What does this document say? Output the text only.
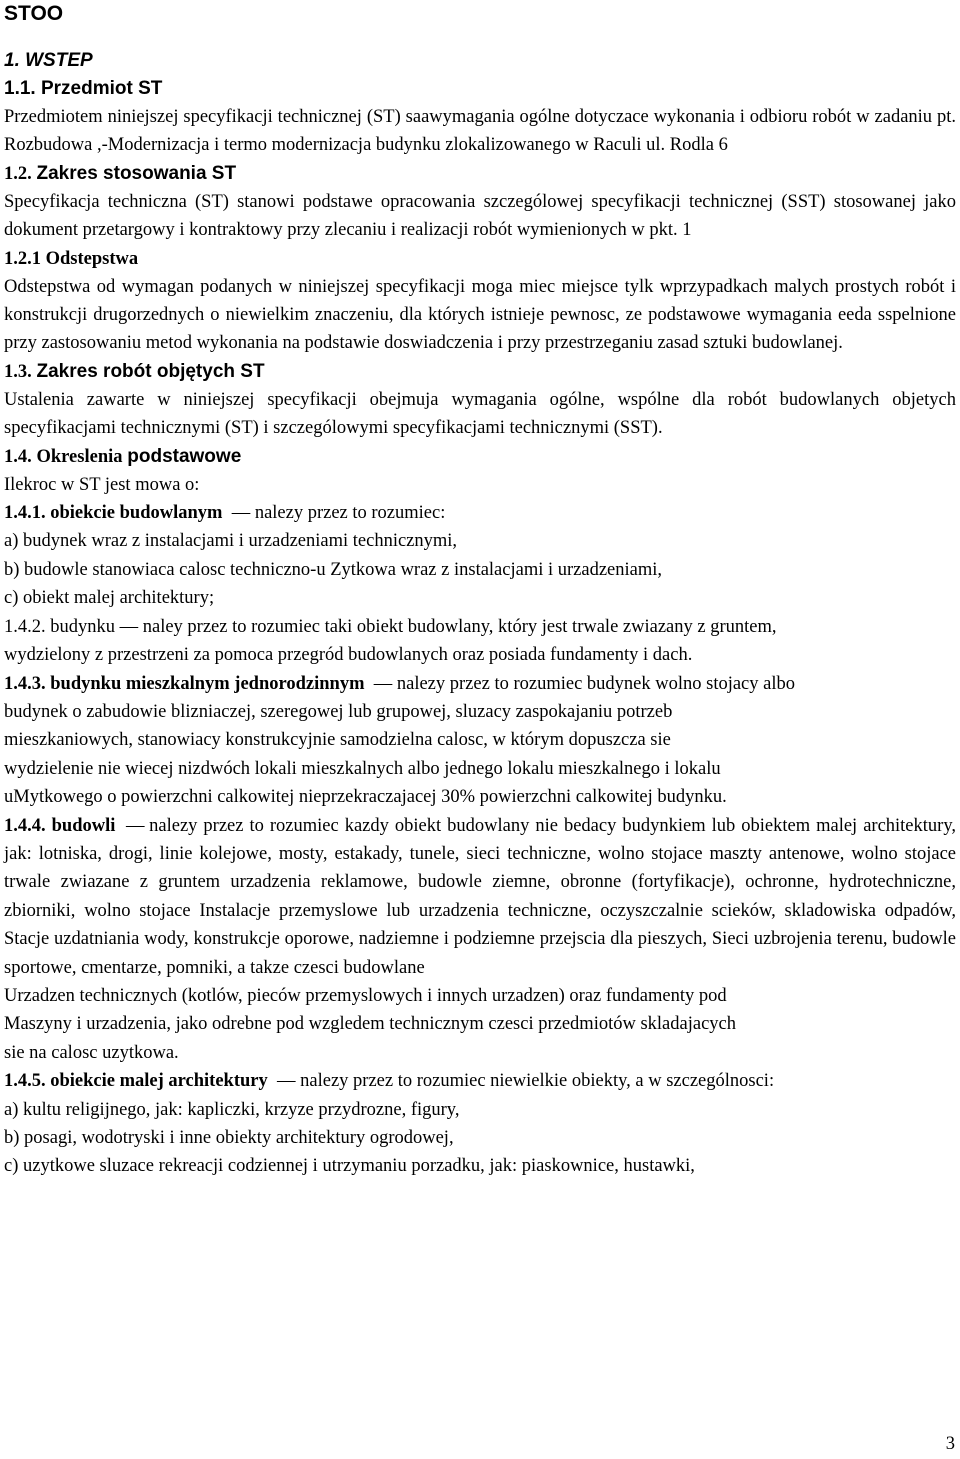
STOO
1. WSTEP
1.1. Przedmiot ST

Przedmiotem niniejszej specyfikacji technicznej (ST) saawymagania ogólne dotyczace wykonania i odbioru robót w zadaniu pt. Rozbudowa ,-Modernizacja i termo modernizacja budynku zlokalizowanego w Raculi ul. Rodla 6

1.2. Zakres stosowania ST

Specyfikacja techniczna (ST) stanowi podstawe opracowania szczególowej specyfikacji technicznej (SST) stosowanej jako dokument przetargowy i kontraktowy przy zlecaniu i realizacji robót wymienionych w pkt. 1

1.2.1 Odstepstwa

Odstepstwa od wymagan podanych w niniejszej specyfikacji moga miec miejsce tylk wprzypadkach malych prostych robót i konstrukcji drugorzednych o niewielkim znaczeniu, dla których istnieje pewnosc, ze podstawowe wymagania eeda sspelnione przy zastosowaniu metod wykonania na podstawie doswiadczenia i przy przestrzeganiu zasad sztuki budowlanej.

1.3. Zakres robót objętych ST

Ustalenia zawarte w niniejszej specyfikacji obejmuja wymagania ogólne, wspólne dla robót budowlanych objetych specyfikacjami technicznymi (ST) i szczególowymi specyfikacjami technicznymi (SST).

1.4. Okreslenia podstawowe

Ilekroc w ST jest mowa o:

1.4.1. obiekcie budowlanym  — nalezy przez to rozumiec:

a) budynek wraz z instalacjami i urzadzeniami technicznymi,

b) budowle stanowiaca calosc techniczno-u Zytkowa wraz z instalacjami i urzadzeniami,

c) obiekt malej architektury;

1.4.2. budynku — naley przez to rozumiec taki obiekt budowlany, który jest trwale zwiazany z gruntem,

wydzielony z przestrzeni za pomoca przegród budowlanych oraz posiada fundamenty i dach.

1.4.3. budynku mieszkalnym jednorodzinnym  — nalezy przez to rozumiec budynek wolno stojacy albo

budynek o zabudowie blizniaczej, szeregowej lub grupowej, sluzacy zaspokajaniu potrzeb

mieszkaniowych, stanowiacy konstrukcyjnie samodzielna calosc, w którym dopuszcza sie

wydzielenie nie wiecej nizdwóch lokali mieszkalnych albo jednego lokalu mieszkalnego i lokalu

uMytkowego o powierzchni calkowitej nieprzekraczajacej 30% powierzchni calkowitej budynku.

1.4.4. budowli  — nalezy przez to rozumiec kazdy obiekt budowlany nie bedacy budynkiem lub obiektem malej architektury, jak: lotniska, drogi, linie kolejowe, mosty, estakady, tunele, sieci techniczne, wolno stojace maszty antenowe, wolno stojace trwale zwiazane z gruntem urzadzenia reklamowe, budowle ziemne, obronne (fortyfikacje), ochronne, hydrotechniczne, zbiorniki, wolno stojace Instalacje przemyslowe lub urzadzenia techniczne, oczyszczalnie scieków, skladowiska odpadów, Stacje uzdatniania wody, konstrukcje oporowe, nadziemne i podziemne przejscia dla pieszych, Sieci uzbrojenia terenu, budowle sportowe, cmentarze, pomniki, a takze czesci budowlane

Urzadzen technicznych (kotlów, pieców przemyslowych i innych urzadzen) oraz fundamenty pod

Maszyny i urzadzenia, jako odrebne pod wzgledem technicznym czesci przedmiotów skladajacych

sie na calosc uzytkowa.

1.4.5. obiekcie malej architektury  — nalezy przez to rozumiec niewielkie obiekty, a w szczególnosci:

a) kultu religijnego, jak: kapliczki, krzyze przydrozne, figury,

b) posagi, wodotryski i inne obiekty architektury ogrodowej,

c) uzytkowe sluzace rekreacji codziennej i utrzymaniu porzadku, jak: piaskownice, hustawki,

3
